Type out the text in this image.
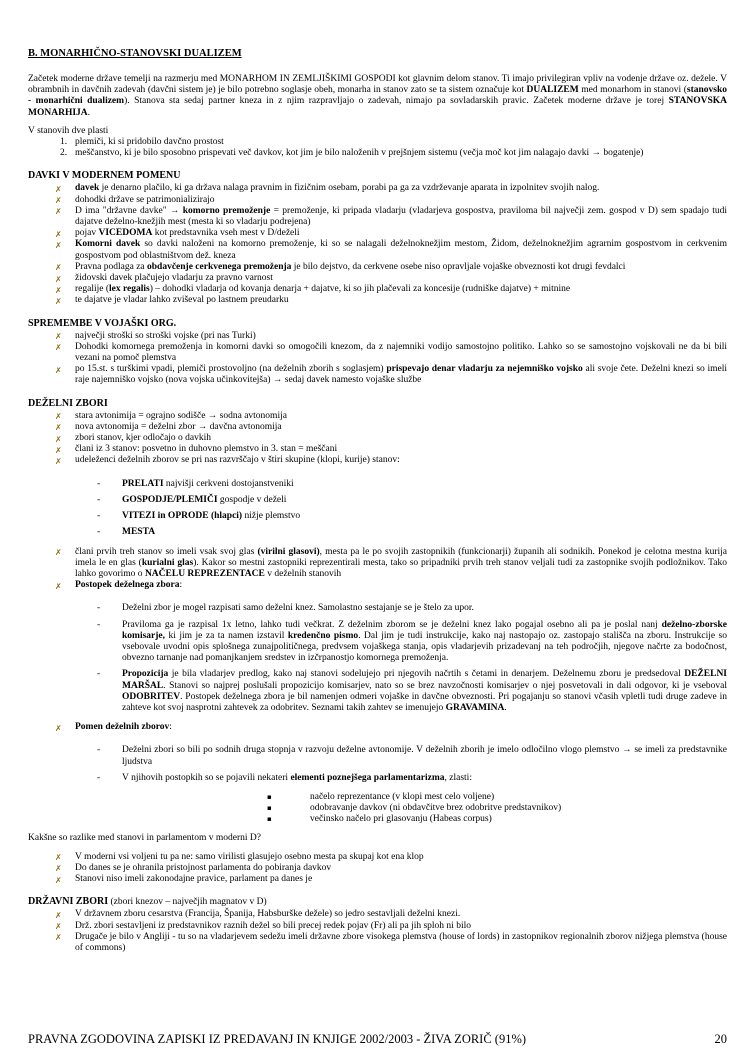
B. MONARHIČNO-STANOVSKI DUALIZEM
Začetek moderne države temelji na razmerju med MONARHOM IN ZEMLJIŠKIMI GOSPODI kot glavnim delom stanov. Ti imajo privilegiran vpliv na vodenje države oz. dežele. V obrambnih in davčnih zadevah (davčni sistem je) je bilo potrebno soglasje obeh, monarha in stanov zato se ta sistem označuje kot DUALIZEM med monarhom in stanovi (stanovsko - monarhični dualizem). Stanova sta sedaj partner kneza in z njim razpravljajo o zadevah, nimajo pa sovladarskih pravic. Začetek moderne države je torej STANOVSKA MONARHIJA.
V stanovih dve plasti
1. plemiči, ki si pridobilo davčno prostost
2. meščanstvo, ki je bilo sposobno prispevati več davkov, kot jim je bilo naloženih v prejšnjem sistemu (večja moč kot jim nalagajo davki → bogatenje)
DAVKI V MODERNEM POMENU
✗ davek je denarno plačilo, ki ga država nalaga pravnim in fizičnim osebam, porabi pa ga za vzdrževanje aparata in izpolnitev svojih nalog.
✗ dohodki države se patrimonializirajo
✗ D ima "državne davke" → komorno premoženje = premoženje, ki pripada vladarju (vladarjeva gospostva, praviloma bil največji zem. gospod v D) sem spadajo tudi dajatve deželno-knežjih mest (mesta ki so vladarju podrejena)
✗ pojav VICEDOMA kot predstavnika vseh mest v D/deželi
✗ Komorni davek so davki naloženi na komorno premoženje, ki so se nalagali deželnoknežjim mestom, Židom, deželnoknežjim agrarnim gospostvom in cerkvenim gospostvom pod oblastništvom dež. kneza
✗ Pravna podlaga za obdavčenje cerkvenega premoženja je bilo dejstvo, da cerkvene osebe niso opravljale vojaške obveznosti kot drugi fevdalci
✗ židovski davek plačujejo vladarju za pravno varnost
✗ regalije (lex regalis) – dohodki vladarja od kovanja denarja + dajatve, ki so jih plačevali za koncesije (rudniške dajatve) + mitnine
✗ te dajatve je vladar lahko zviševal po lastnem preudarku
SPREMEMBE V VOJAŠKI ORG.
✗ največji stroški so stroški vojske (pri nas Turki)
✗ Dohodki komornega premoženja in komorni davki so omogočili knezom, da z najemniki vodijo samostojno politiko. Lahko so se samostojno vojskovali ne da bi bili vezani na pomoč plemstva
✗ po 15.st. s turškimi vpadi, plemiči prostovoljno (na deželnih zborih s soglasjem) prispevajo denar vladarju za nejemniško vojsko ali svoje čete. Deželni knezi so imeli raje najemniško vojsko (nova vojska učinkovitejša) → sedaj davek namesto vojaške službe
DEŽELNI ZBORI
✗ stara avtonimija = ograjno sodišče → sodna avtonomija
✗ nova avtonomija = deželni zbor → davčna avtonomija
✗ zbori stanov, kjer odločajo o davkih
✗ člani iz 3 stanov: posvetno in duhovno plemstvo in 3. stan = meščani
✗ udeleženci deželnih zborov se pri nas razvrščajo v štiri skupine (klopi, kurije) stanov:
- PRELATI najvišji cerkveni dostojanstveniki
- GOSPODJE/PLEMIČI gospodje v deželi
- VITEZI in OPRODE (hlapci) nižje plemstvo
- MESTA
✗ člani prvih treh stanov so imeli vsak svoj glas (virilni glasovi), mesta pa le po svojih zastopnikih (funkcionarji) županih ali sodnikih. Ponekod je celotna mestna kurija imela le en glas (kurialni glas). Kakor so mestni zastopniki reprezentirali mesta, tako so pripadniki prvih treh stanov veljali tudi za zastopnike svojih podložnikov. Tako lahko govorimo o NAČELU REPREZENTACE v deželnih stanovih
✗ Postopek deželnega zbora:
- Deželni zbor je mogel razpisati samo deželni knez. Samolastno sestajanje se je štelo za upor.
- Praviloma ga je razpisal 1x letno, lahko tudi večkrat. Z deželnim zborom se je deželni knez lako pogajal osebno ali pa je poslal nanj deželno-zborske komisarje, ki jim je za ta namen izstavil kredenčno pismo. Dal jim je tudi instrukcije, kako naj nastopajo oz. zastopajo stališča na zboru. Instrukcije so vsebovale uvodni opis splošnega zunajpolitičnega, predvsem vojaškega stanja, opis vladarjevih prizadevanj na teh področjih, njegove načrte za bodočnost, obvezno tarnanje nad pomanjkanjem sredstev in izčrpanostjo komornega premoženja.
- Propozicija je bila vladarjev predlog, kako naj stanovi sodelujejo pri njegovih načrtih s četami in denarjem. Deželnemu zboru je predsedoval DEŽELNI MARŠAL. Stanovi so najprej poslušali propozicijo komisarjev, nato so se brez navzočnosti komisarjev o njej posvetovali in dali odgovor, ki je vseboval ODOBRITEV. Postopek deželnega zbora je bil namenjen odmeri vojaške in davčne obveznosti. Pri pogajanju so stanovi včasih vpletli tudi druge zadeve in zahteve kot svoj nasprotni zahtevek za odobritev. Seznami takih zahtev se imenujejo GRAVAMINA.
✗ Pomen deželnih zborov:
- Deželni zbori so bili po sodnih druga stopnja v razvoju deželne avtonomije. V deželnih zborih je imelo odločilno vlogo plemstvo → se imeli za predstavnike ljudstva
- V njihovih postopkih so se pojavili nekateri elementi poznejšega parlamentarizma, zlasti:
▪	načelo reprezentance (v klopi mest celo voljene)
▪	odobravanje davkov (ni obdavčitve brez odobritve predstavnikov)
▪	večinsko načelo pri glasovanju (Habeas corpus)
Kakšne so razlike med stanovi in parlamentom v moderni D?
✗ V moderni vsi voljeni tu pa ne: samo virilisti glasujejo osebno mesta pa skupaj kot ena klop
✗ Do danes se je ohranila pristojnost parlamenta do pobiranja davkov
✗ Stanovi niso imeli zakonodajne pravice, parlament pa danes je
DRŽAVNI ZBORI (zbori knezov – največjih magnatov v D)
✗ V državnem zboru cesarstva (Francija, Španija, Habsburške dežele) so jedro sestavljali deželni knezi.
✗ Drž. zbori sestavljeni iz predstavnikov raznih dežel so bili precej redek pojav (Fr) ali pa jih sploh ni bilo
✗ Drugače je bilo v Angliji - tu so na vladarjevem sedežu imeli državne zbore visokega plemstva (house of lords) in zastopnikov regionalnih zborov nižjega plemstva (house of commons)
PRAVNA ZGODOVINA ZAPISKI IZ PREDAVANJ IN KNJIGE 2002/2003 - ŽIVA ZORIČ (91%)	20
